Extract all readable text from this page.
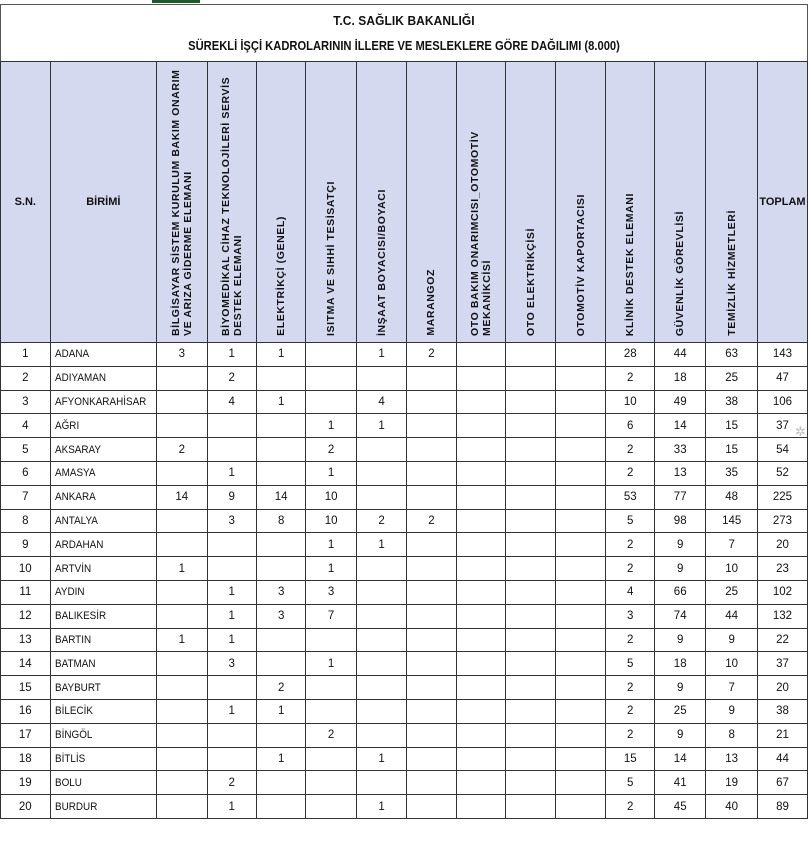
T.C. SAĞLIK BAKANLIĞI
SÜREKLİ İŞÇİ KADROLARININ İLLERE VE MESLEKLERE GÖRE DAĞILIMI (8.000)
S.N.	BİRİMİ	BİLGİSAYAR SİSTEM KURULUM BAKIM ONARIM VE ARIZA GİDERME ELEMANI	BİYOMEDİKAL CİHAZ TEKNOLOJİLERİ SERVİS DESTEK ELEMANI	ELEKTRİKÇİ (GENEL)	ISITMA VE SIHHİ TESİSATÇI	İNŞAAT BOYACISI/BOYACI	MARANGOZ	OTO BAKIM ONARIMCISI_OTOMOTİV MEKANİKCİSİ	OTO ELEKTRİKÇİSİ	OTOMOTİV KAPORTACISI	KLİNİK DESTEK ELEMANI	GÜVENLİK GÖREVLİSİ	TEMİZLİK HİZMETLERİ	TOPLAM
1	ADANA	3	1	1		1	2				28	44	63	143
2	ADIYAMAN		2								2	18	25	47
3	AFYONKARAHİSAR		4	1		4					10	49	38	106
4	AĞRI				1	1					6	14	15	37
5	AKSARAY	2			2						2	33	15	54
6	AMASYA		1		1						2	13	35	52
7	ANKARA	14	9	14	10						53	77	48	225
8	ANTALYA		3	8	10	2	2				5	98	145	273
9	ARDAHAN				1	1					2	9	7	20
10	ARTVİN	1			1						2	9	10	23
11	AYDIN		1	3	3						4	66	25	102
12	BALIKESİR		1	3	7						3	74	44	132
13	BARTIN	1	1								2	9	9	22
14	BATMAN		3		1						5	18	10	37
15	BAYBURT			2							2	9	7	20
16	BİLECİK		1	1							2	25	9	38
17	BİNGÖL				2						2	9	8	21
18	BİTLİS			1		1					15	14	13	44
19	BOLU		2								5	41	19	67
20	BURDUR		1			1					2	45	40	89
✲
